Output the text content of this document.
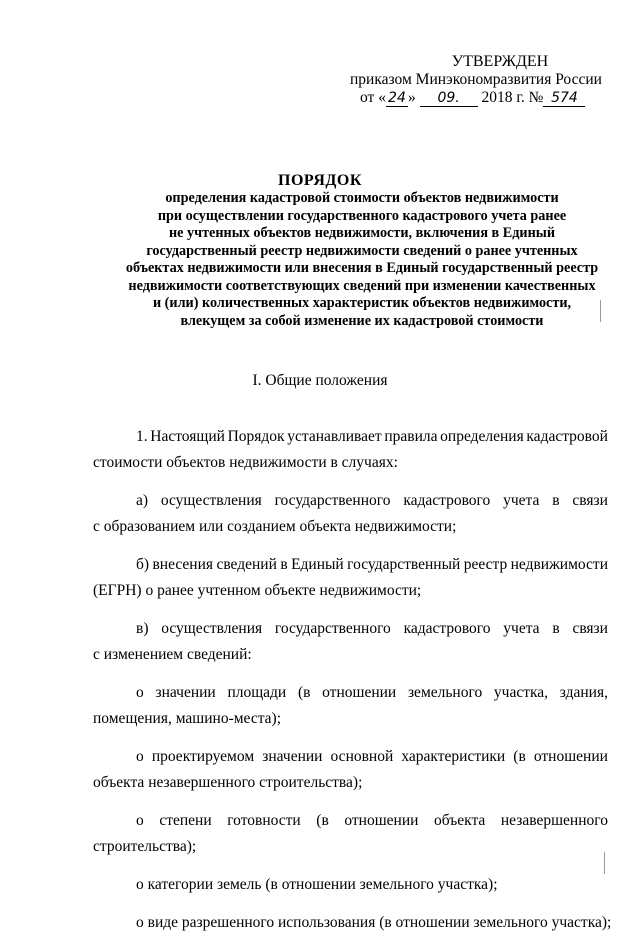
УТВЕРЖДЕН
приказом Минэкономразвития России
от « 24 » 09. 2018 г. № 574
ПОРЯДОК
определения кадастровой стоимости объектов недвижимости
при осуществлении государственного кадастрового учета ранее
не учтенных объектов недвижимости, включения в Единый
государственный реестр недвижимости сведений о ранее учтенных
объектах недвижимости или внесения в Единый государственный реестр
недвижимости соответствующих сведений при изменении качественных
и (или) количественных характеристик объектов недвижимости,
влекущем за собой изменение их кадастровой стоимости
I. Общие положения
1. Настоящий Порядок устанавливает правила определения кадастровой
стоимости объектов недвижимости в случаях:
а) осуществления государственного кадастрового учета в связи
с образованием или созданием объекта недвижимости;
б) внесения сведений в Единый государственный реестр недвижимости
(ЕГРН) о ранее учтенном объекте недвижимости;
в) осуществления государственного кадастрового учета в связи
с изменением сведений:
о значении площади (в отношении земельного участка, здания,
помещения, машино-места);
о проектируемом значении основной характеристики (в отношении
объекта незавершенного строительства);
о степени готовности (в отношении объекта незавершенного
строительства);
о категории земель (в отношении земельного участка);
о виде разрешенного использования (в отношении земельного участка);
